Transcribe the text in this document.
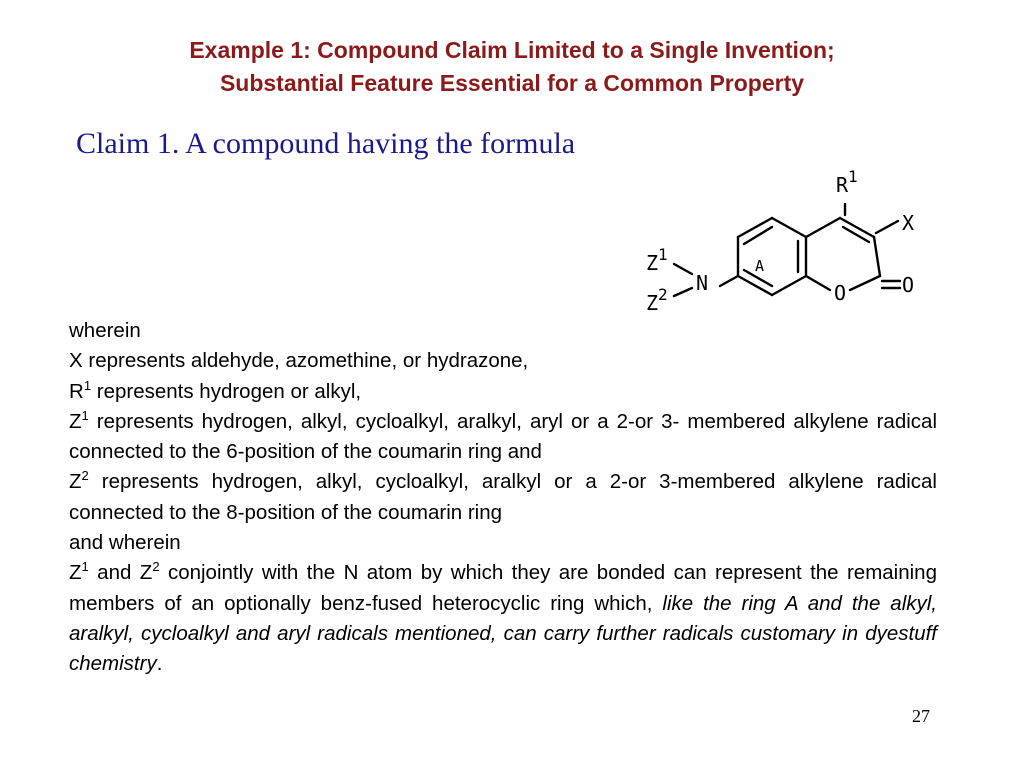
Example 1: Compound Claim Limited to a Single Invention;
Substantial Feature Essential for a Common Property
Claim 1. A compound having the formula
$R^1$
X
$Z^1$
$Z^2$ N
A
O	O

wherein

X represents aldehyde, azomethine, or hydrazone,

$R^1$ represents hydrogen or alkyl,

$Z^1$ represents hydrogen, alkyl, cycloalkyl, aralkyl, aryl or a 2-or 3- membered alkylene radical connected to the 6-position of the coumarin ring and

$Z^2$ represents hydrogen, alkyl, cycloalkyl, aralkyl or a 2-or 3-membered alkylene radical connected to the 8-position of the coumarin ring

and wherein

$Z^1$ and $Z^2$ conjointly with the N atom by which they are bonded can represent the remaining members of an optionally benz-fused heterocyclic ring which, like the ring A and the alkyl, aralkyl, cycloalkyl and aryl radicals mentioned, can carry further radicals customary in dyestuff chemistry.

27
